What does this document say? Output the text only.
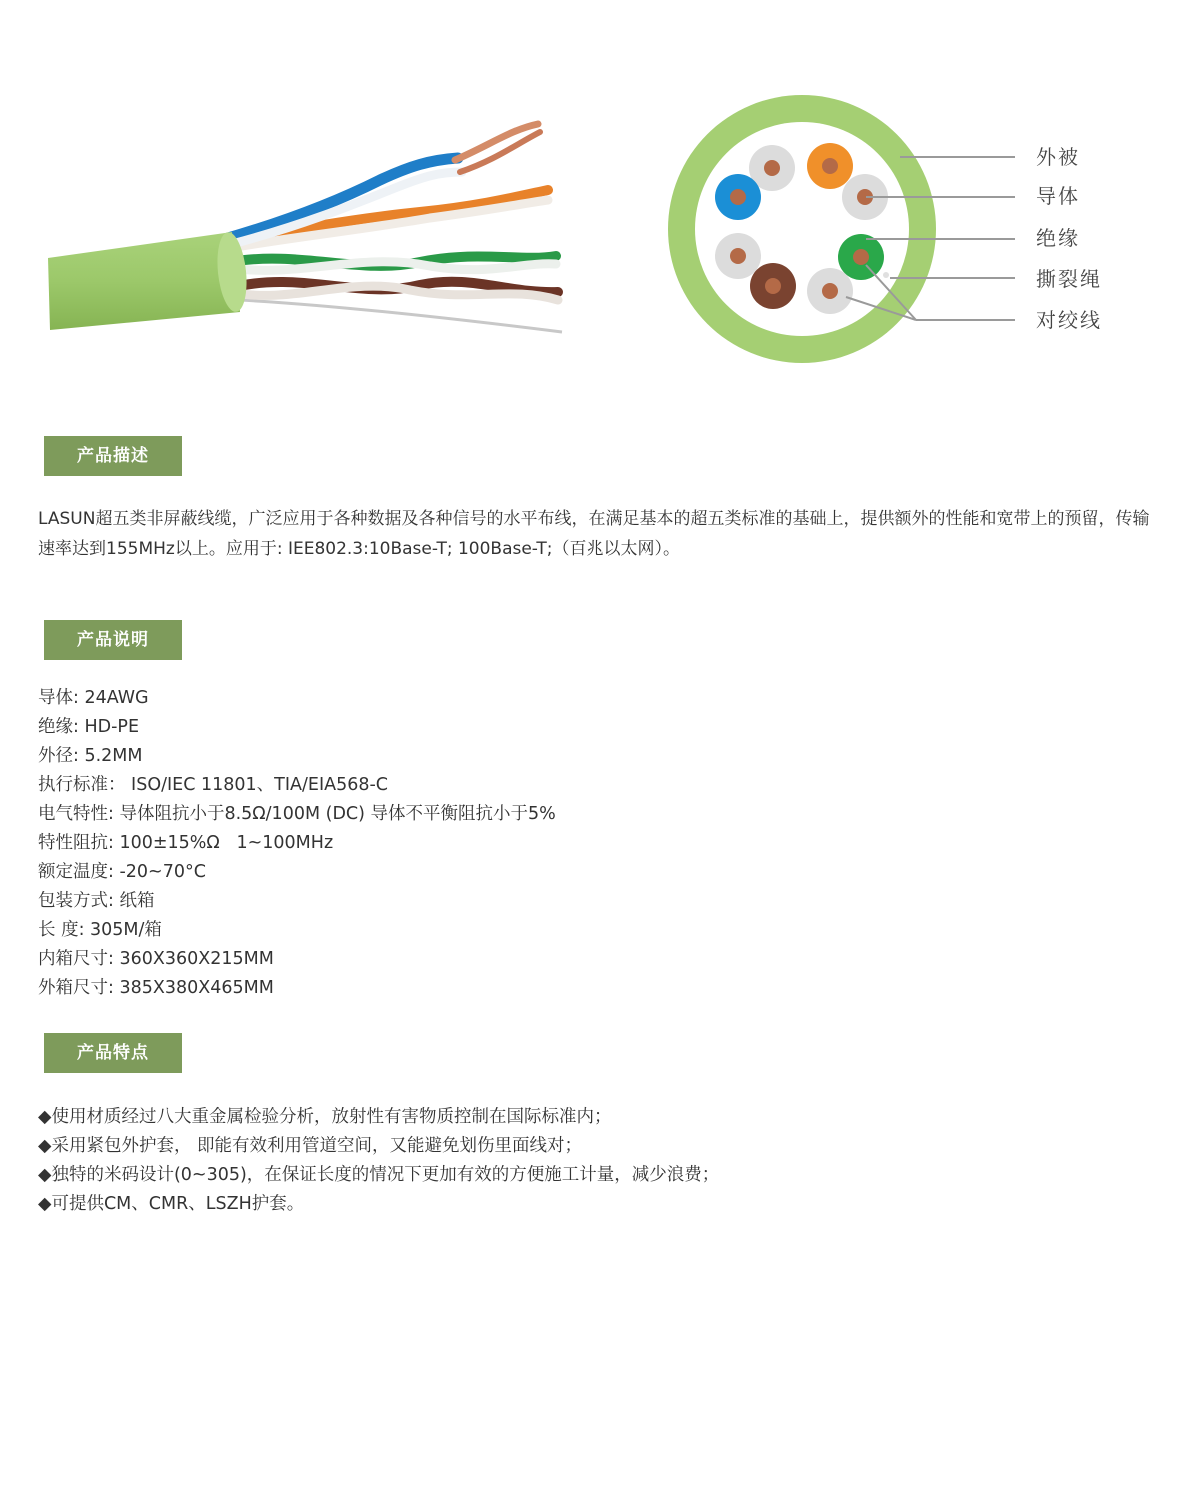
外被
导体
绝缘
撕裂绳
对绞线
产品描述
LASUN超五类非屏蔽线缆，广泛应用于各种数据及各种信号的水平布线，在满足基本的超五类标准的基础上，提供额外的性能和宽带上的预留，传输速率达到155MHz以上。应用于: IEE802.3:10Base-T; 100Base-T;（百兆以太网）。
产品说明
导体: 24AWG
绝缘: HD-PE
外径: 5.2MM
执行标准： ISO/IEC 11801、TIA/EIA568-C
电气特性: 导体阻抗小于8.5Ω/100M (DC) 导体不平衡阻抗小于5%
特性阻抗: 100±15%Ω   1~100MHz
额定温度: -20~70°C
包装方式: 纸箱
长 度: 305M/箱
内箱尺寸: 360X360X215MM
外箱尺寸: 385X380X465MM
产品特点
◆使用材质经过八大重金属检验分析，放射性有害物质控制在国际标准内；
◆采用紧包外护套， 即能有效利用管道空间，又能避免划伤里面线对；
◆独特的米码设计(0~305)，在保证长度的情况下更加有效的方便施工计量，减少浪费；
◆可提供CM、CMR、LSZH护套。
